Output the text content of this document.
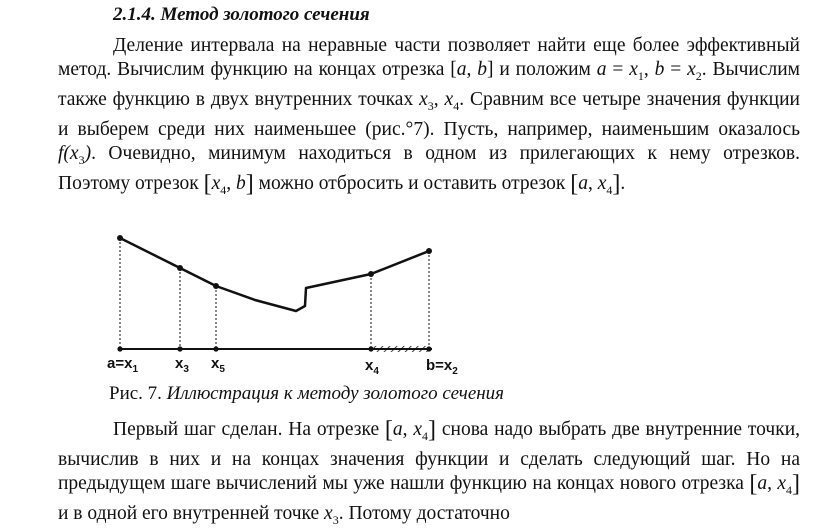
2.1.4. Метод золотого сечения

Деление интервала на неравные части позволяет найти еще более эффективный метод. Вычислим функцию на концах отрезка [a, b] и положим $a = x_1$, $b = x_2$. Вычислим также функцию в двух внутренних точках $x_3$, $x_4$. Сравним все четыре значения функции и выберем среди них наименьшее (рис.°7). Пусть, например, наименьшим оказалось $f(x_3)$. Очевидно, минимум находиться в одном из прилегающих к нему отрезков. Поэтому отрезок [$x_4$, b] можно отбросить и оставить отрезок [a, $x_4$].

$a=x_1$ $x_3$ $x_5$	$x_4$	$b=x_2$
Рис. 7. Иллюстрация к методу золотого сечения

Первый шаг сделан. На отрезке [a, $x_4$] снова надо выбрать две внутренние точки, вычислив в них и на концах значения функции и сделать следующий шаг. Но на предыдущем шаге вычислений мы уже нашли функцию на концах нового отрезка [a, $x_4$] и в одной его внутренней точке $x_3$. Потому достаточно
